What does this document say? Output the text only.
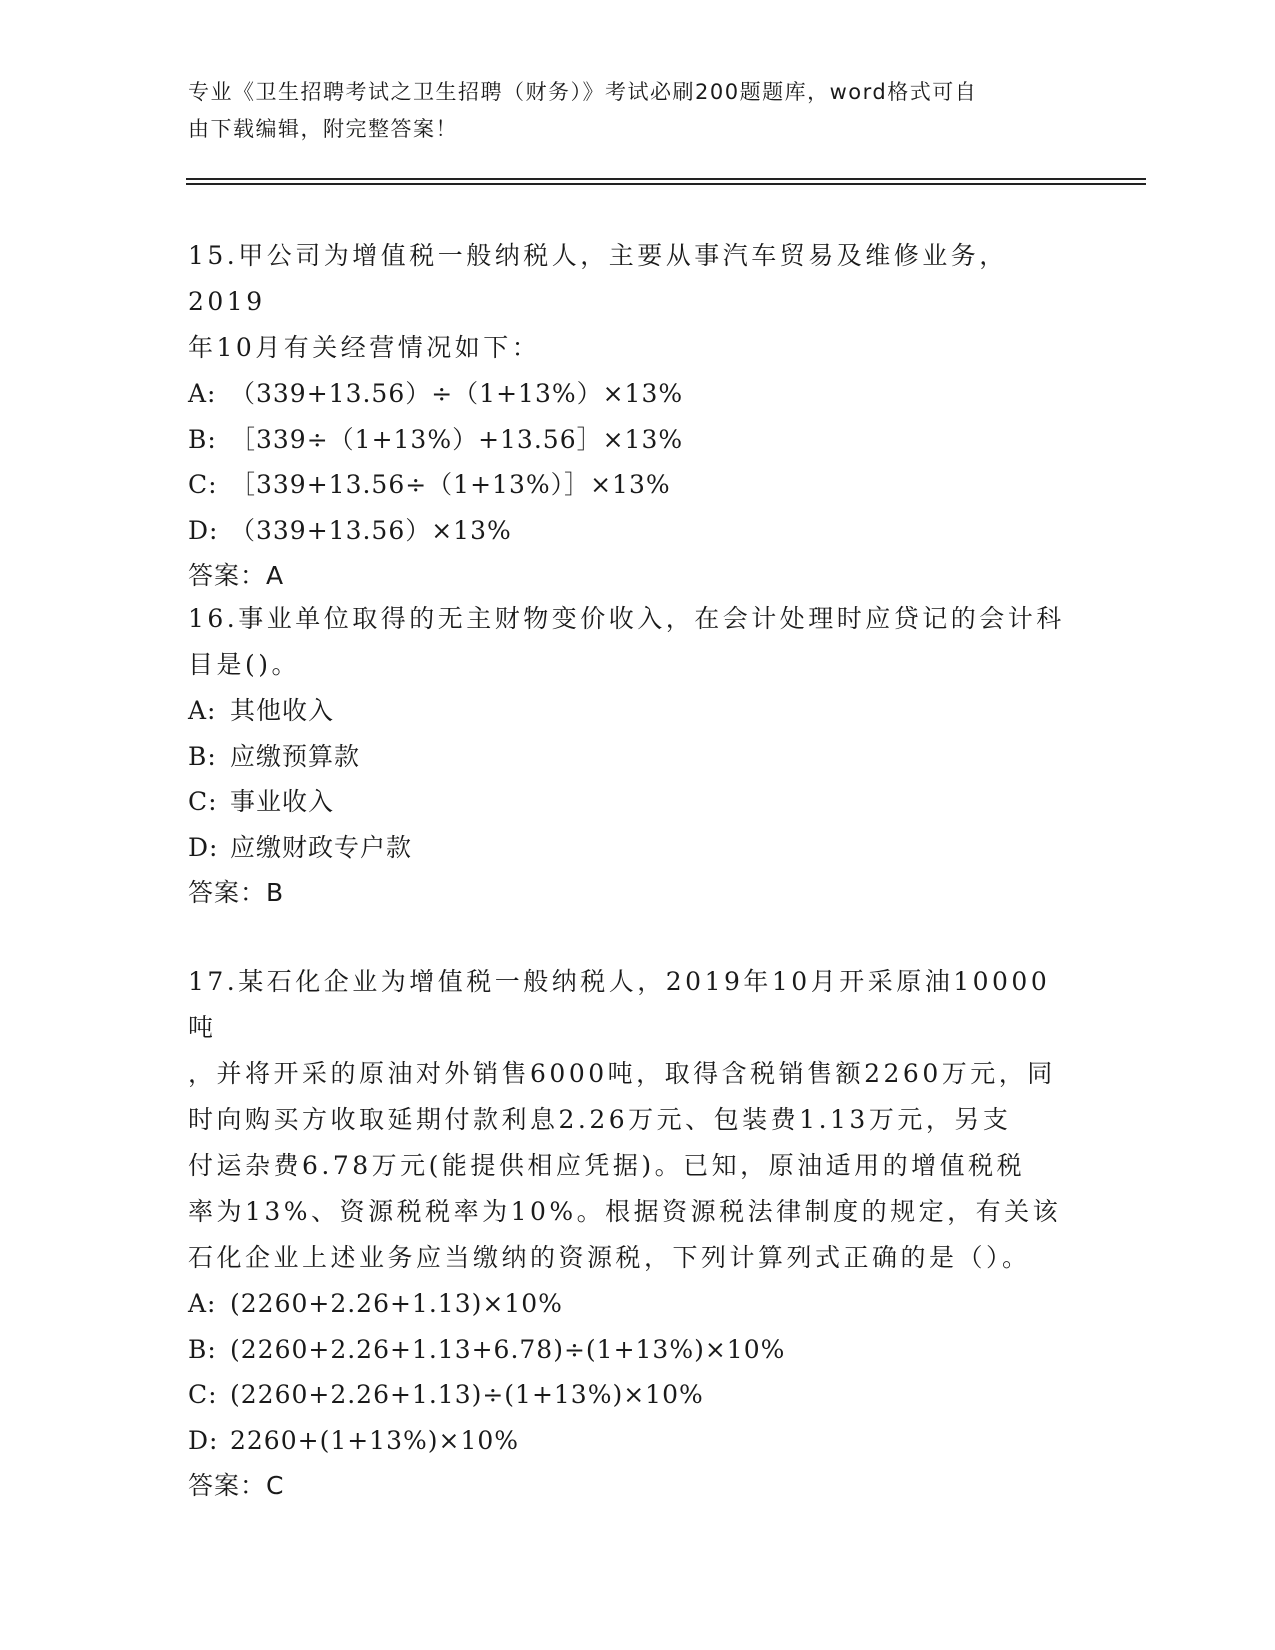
专业《卫生招聘考试之卫生招聘（财务）》考试必刷200题题库，word格式可自
由下载编辑，附完整答案！
15.甲公司为增值税一般纳税人，主要从事汽车贸易及维修业务，2019
年10月有关经营情况如下：
A: （339+13.56）÷（1+13%）×13%
B: ［339÷（1+13%）+13.56］×13%
C: ［339+13.56÷（1+13%）］×13%
D: （339+13.56）×13%
答案：A
16.事业单位取得的无主财物变价收入，在会计处理时应贷记的会计科
目是()。
A: 其他收入
B: 应缴预算款
C: 事业收入
D: 应缴财政专户款
答案：B
17.某石化企业为增值税一般纳税人，2019年10月开采原油10000吨
，并将开采的原油对外销售6000吨，取得含税销售额2260万元，同
时向购买方收取延期付款利息2.26万元、包装费1.13万元，另支
付运杂费6.78万元(能提供相应凭据)。已知，原油适用的增值税税
率为13%、资源税税率为10%。根据资源税法律制度的规定，有关该
石化企业上述业务应当缴纳的资源税，下列计算列式正确的是（）。
A: (2260+2.26+1.13)×10%
B: (2260+2.26+1.13+6.78)÷(1+13%)×10%
C: (2260+2.26+1.13)÷(1+13%)×10%
D: 2260+(1+13%)×10%
答案：C
